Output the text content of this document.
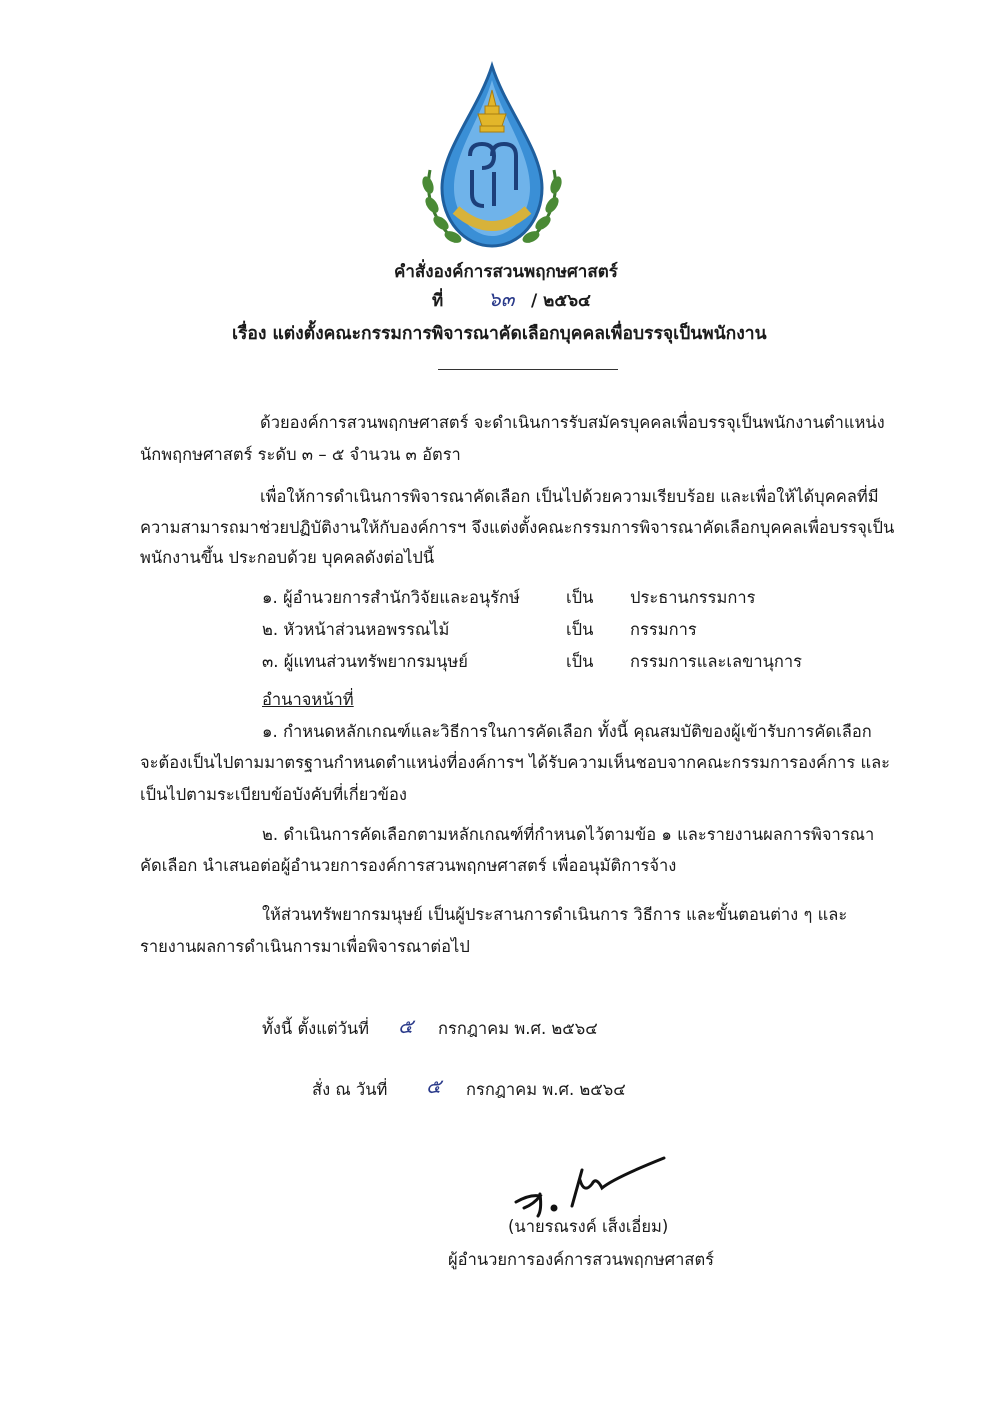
คำสั่งองค์การสวนพฤกษศาสตร์
ที่ ๖๓ / ๒๕๖๔
เรื่อง แต่งตั้งคณะกรรมการพิจารณาคัดเลือกบุคคลเพื่อบรรจุเป็นพนักงาน
ด้วยองค์การสวนพฤกษศาสตร์ จะดำเนินการรับสมัครบุคคลเพื่อบรรจุเป็นพนักงานตำแหน่ง
นักพฤกษศาสตร์ ระดับ ๓ – ๕ จำนวน ๓ อัตรา
เพื่อให้การดำเนินการพิจารณาคัดเลือก เป็นไปด้วยความเรียบร้อย และเพื่อให้ได้บุคคลที่มี
ความสามารถมาช่วยปฏิบัติงานให้กับองค์การฯ จึงแต่งตั้งคณะกรรมการพิจารณาคัดเลือกบุคคลเพื่อบรรจุเป็น
พนักงานขึ้น ประกอบด้วย บุคคลดังต่อไปนี้
๑. ผู้อำนวยการสำนักวิจัยและอนุรักษ์	เป็น ประธานกรรมการ
๒. หัวหน้าส่วนหอพรรณไม้	เป็น กรรมการ
๓. ผู้แทนส่วนทรัพยากรมนุษย์	เป็น กรรมการและเลขานุการ
อำนาจหน้าที่
๑. กำหนดหลักเกณฑ์และวิธีการในการคัดเลือก ทั้งนี้ คุณสมบัติของผู้เข้ารับการคัดเลือก
จะต้องเป็นไปตามมาตรฐานกำหนดตำแหน่งที่องค์การฯ ได้รับความเห็นชอบจากคณะกรรมการองค์การ และ
เป็นไปตามระเบียบข้อบังคับที่เกี่ยวข้อง
๒. ดำเนินการคัดเลือกตามหลักเกณฑ์ที่กำหนดไว้ตามข้อ ๑ และรายงานผลการพิจารณา
คัดเลือก นำเสนอต่อผู้อำนวยการองค์การสวนพฤกษศาสตร์ เพื่ออนุมัติการจ้าง
ให้ส่วนทรัพยากรมนุษย์ เป็นผู้ประสานการดำเนินการ วิธีการ และขั้นตอนต่าง ๆ และ
รายงานผลการดำเนินการมาเพื่อพิจารณาต่อไป
ทั้งนี้ ตั้งแต่วันที่ ๕ กรกฎาคม พ.ศ. ๒๕๖๔
สั่ง ณ วันที่ ๕ กรกฎาคม พ.ศ. ๒๕๖๔
(นายรณรงค์ เส็งเอี่ยม)
ผู้อำนวยการองค์การสวนพฤกษศาสตร์
